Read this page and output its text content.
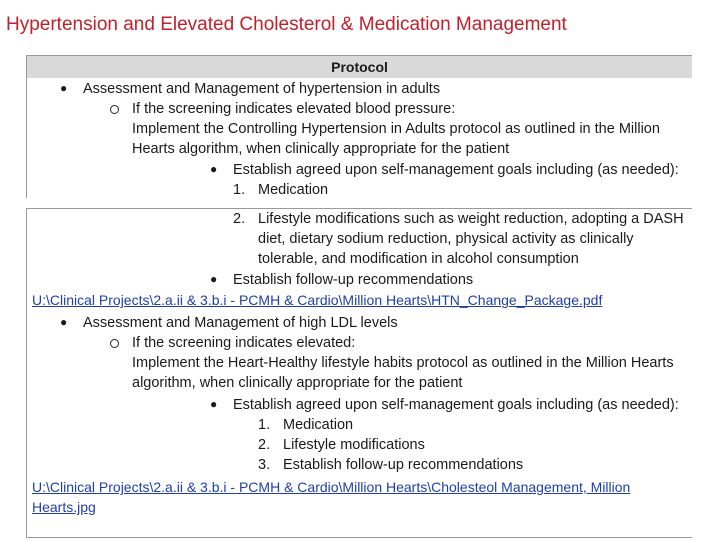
Hypertension and Elevated Cholesterol & Medication Management
Protocol
● Assessment and Management of hypertension in adults
If the screening indicates elevated blood pressure:
Implement the Controlling Hypertension in Adults protocol as outlined in the Million
Hearts algorithm, when clinically appropriate for the patient
● Establish agreed upon self-management goals including (as needed):
1. Medication
2. Lifestyle modifications such as weight reduction, adopting a DASH
diet, dietary sodium reduction, physical activity as clinically
tolerable, and modification in alcohol consumption
● Establish follow-up recommendations
U:\Clinical Projects\2.a.ii & 3.b.i - PCMH & Cardio\Million Hearts\HTN_Change_Package.pdf
● Assessment and Management of high LDL levels
If the screening indicates elevated:
Implement the Heart-Healthy lifestyle habits protocol as outlined in the Million Hearts
algorithm, when clinically appropriate for the patient
● Establish agreed upon self-management goals including (as needed):
1. Medication
2. Lifestyle modifications
3. Establish follow-up recommendations
U:\Clinical Projects\2.a.ii & 3.b.i - PCMH & Cardio\Million Hearts\Cholesteol Management, Million
Hearts.jpg
